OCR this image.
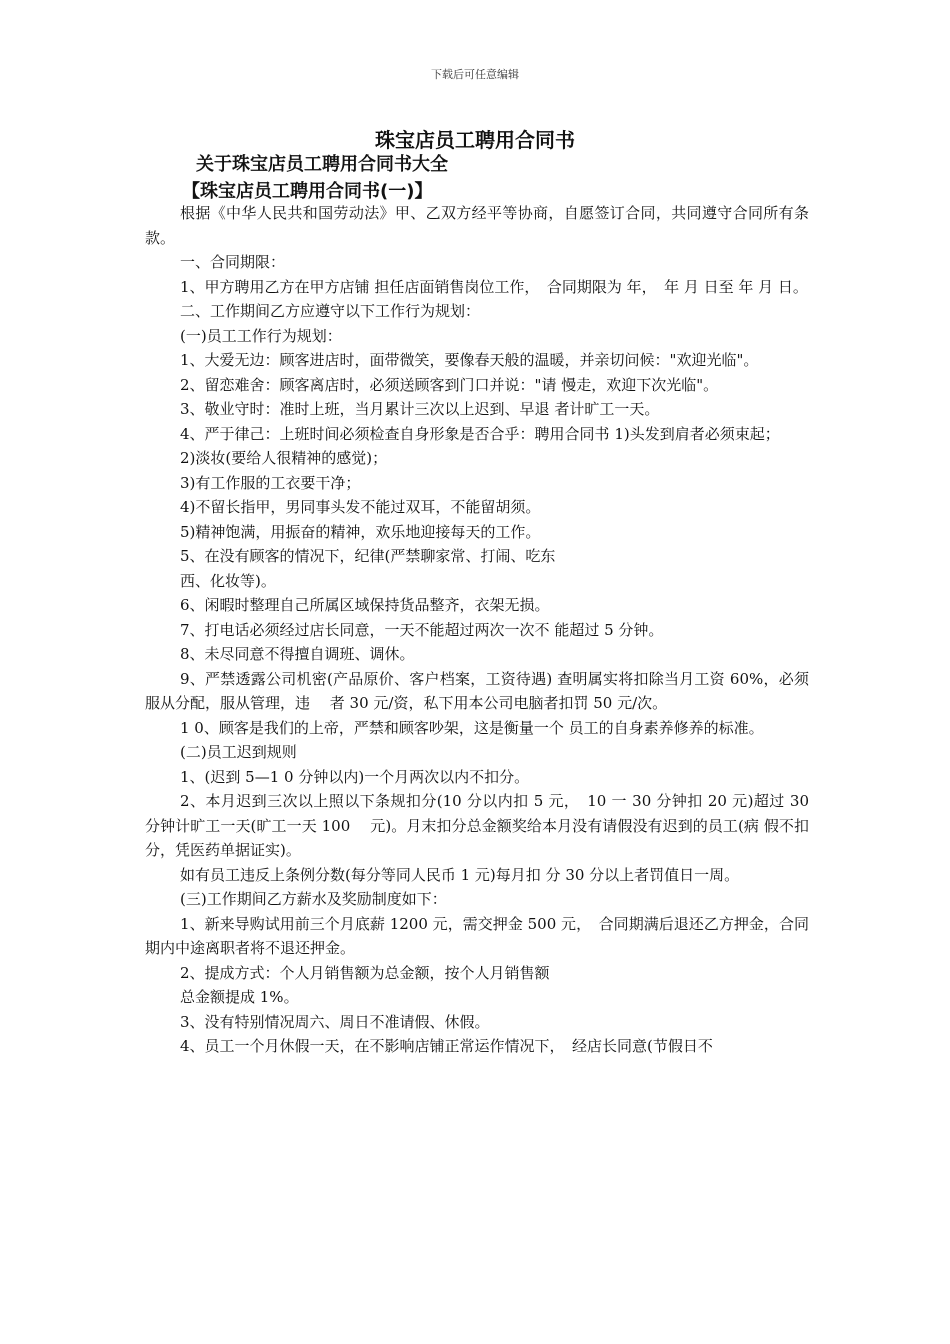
下载后可任意编辑
珠宝店员工聘用合同书
关于珠宝店员工聘用合同书大全
【珠宝店员工聘用合同书(一)】

根据《中华人民共和国劳动法》甲、乙双方经平等协商，自愿签订合同，共同遵守合同所有条款。

一、合同期限：

1、甲方聘用乙方在甲方店铺 担任店面销售岗位工作，　合同期限为 年，　年 月 日至 年 月 日。

二、工作期间乙方应遵守以下工作行为规划：

(一)员工工作行为规划：

1、大爱无边：顾客进店时，面带微笑，要像春天般的温暖，并亲切问候："欢迎光临"。

2、留恋难舍：顾客离店时，必须送顾客到门口并说："请 慢走，欢迎下次光临"。

3、敬业守时：准时上班，当月累计三次以上迟到、早退 者计旷工一天。

4、严于律己：上班时间必须检查自身形象是否合乎：聘用合同书 1)头发到肩者必须束起；

2)淡妆(要给人很精神的感觉)；

3)有工作服的工衣要干净；

4)不留长指甲，男同事头发不能过双耳，不能留胡须。

5)精神饱满，用振奋的精神，欢乐地迎接每天的工作。

5、在没有顾客的情况下，纪律(严禁聊家常、打闹、吃东

西、化妆等)。

6、闲暇时整理自己所属区域保持货品整齐，衣架无损。

7、打电话必须经过店长同意，一天不能超过两次一次不 能超过 5 分钟。

8、未尽同意不得擅自调班、调休。

9、严禁透露公司机密(产品原价、客户档案，工资待遇) 查明属实将扣除当月工资 60%，必须服从分配，服从管理，违　 者 30 元/资，私下用本公司电脑者扣罚 50 元/次。

1 0、顾客是我们的上帝，严禁和顾客吵架，这是衡量一个 员工的自身素养修养的标准。

(二)员工迟到规则

1、(迟到 5—1 0 分钟以内)一个月两次以内不扣分。

2、本月迟到三次以上照以下条规扣分(10 分以内扣 5 元，　10 一 30 分钟扣 20 元)超过 30 分钟计旷工一天(旷工一天 100　 元)。月末扣分总金额奖给本月没有请假没有迟到的员工(病 假不扣分，凭医药单据证实)。

如有员工违反上条例分数(每分等同人民币 1 元)每月扣 分 30 分以上者罚值日一周。

(三)工作期间乙方薪水及奖励制度如下：

1、新来导购试用前三个月底薪 1200 元，需交押金 500 元，　合同期满后退还乙方押金，合同期内中途离职者将不退还押金。

2、提成方式：个人月销售额为总金额，按个人月销售额

总金额提成 1%。

3、没有特别情况周六、周日不准请假、休假。

4、员工一个月休假一天，在不影响店铺正常运作情况下，　经店长同意(节假日不
